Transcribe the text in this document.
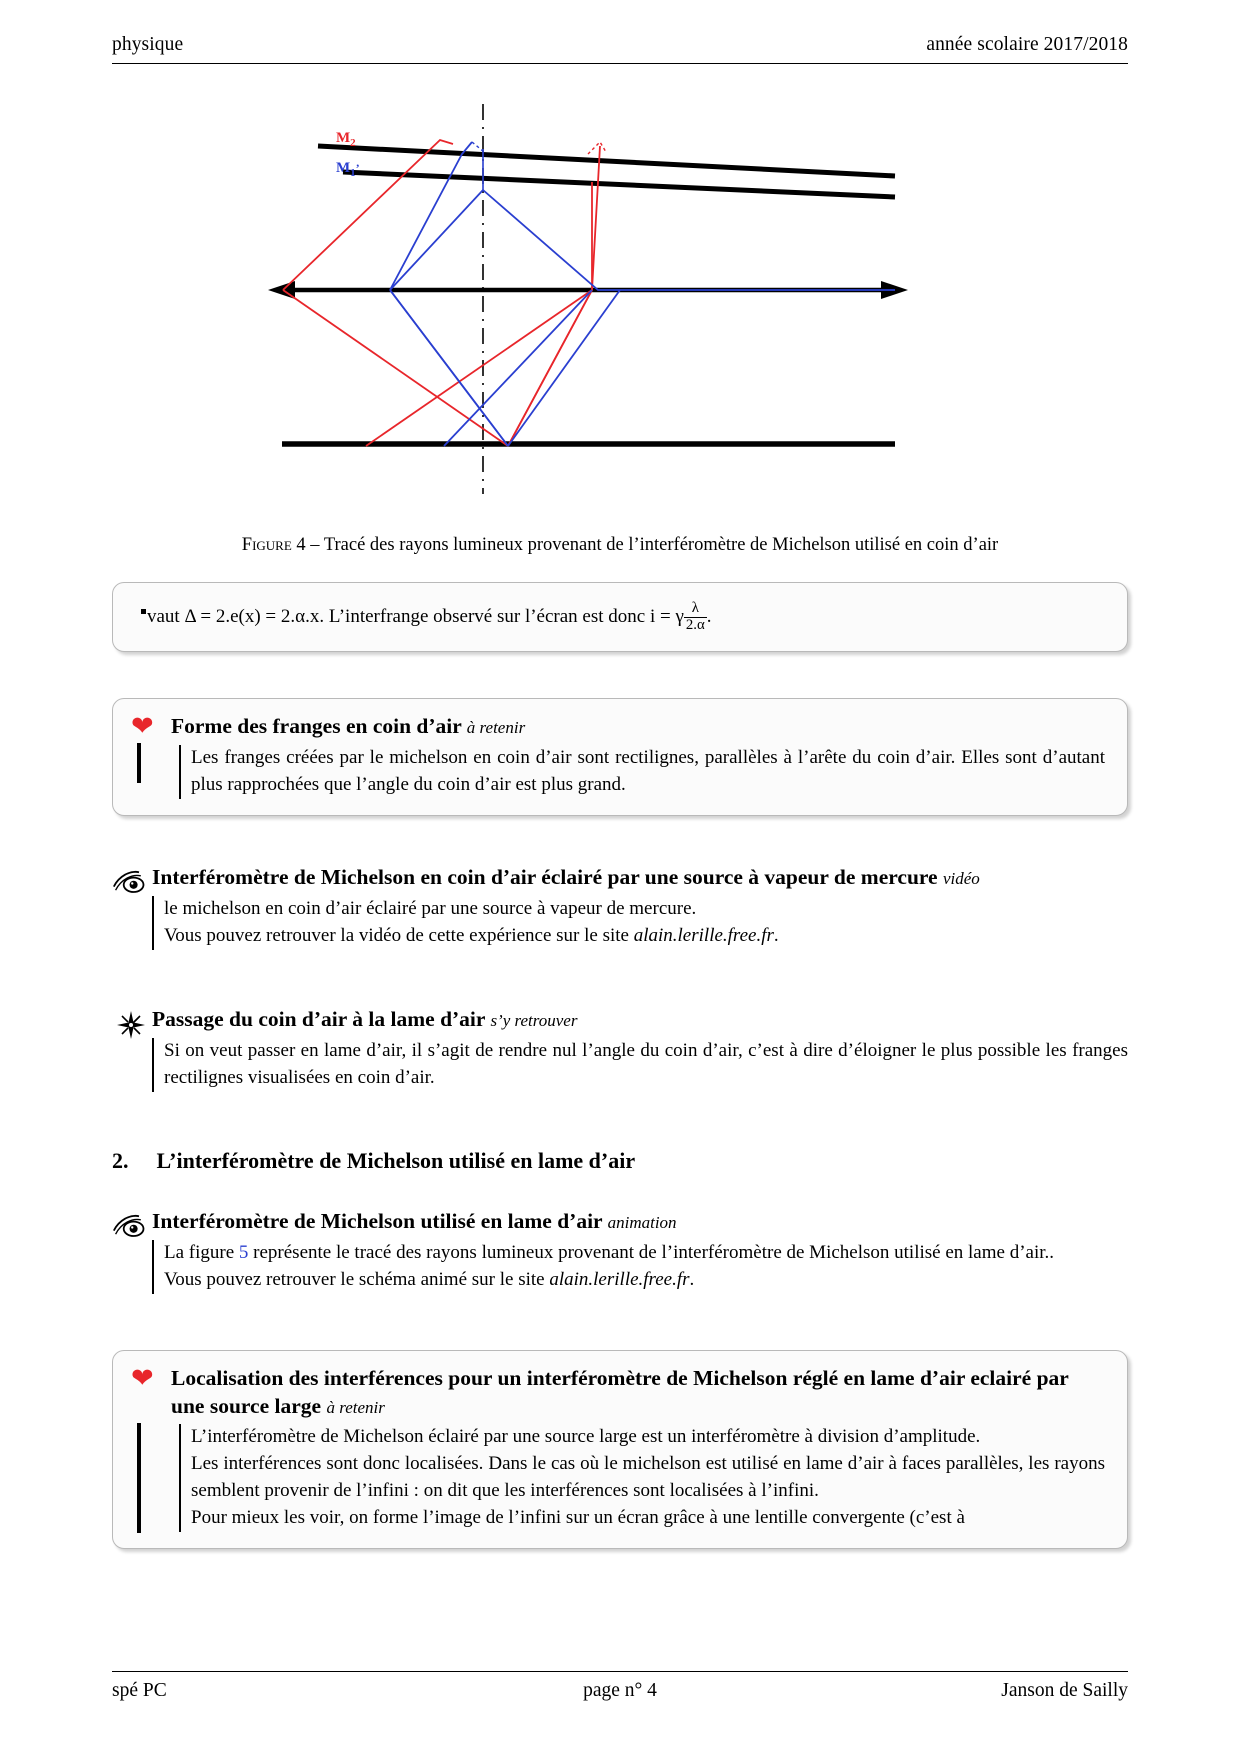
physique	année scolaire 2017/2018
$M_2$
$M_1^’$
Figure 4 – Tracé des rayons lumineux provenant de l’interféromètre de Michelson utilisé en coin d’air
vaut Δ = 2.e(x) = 2.α.x. L’interfrange observé sur l’écran est donc i = γ $\frac{\lambda}{2.\alpha}$ .
❤ Forme des franges en coin d’air à retenir

Les franges créées par le michelson en coin d’air sont rectilignes, parallèles à l’arête du coin d’air. Elles sont d’autant plus rapprochées que l’angle du coin d’air est plus grand.

Interféromètre de Michelson en coin d’air éclairé par une source à vapeur de mercure vidéo

le michelson en coin d’air éclairé par une source à vapeur de mercure.

Vous pouvez retrouver la vidéo de cette expérience sur le site alain.lerille.free.fr.

Passage du coin d’air à la lame d’air s’y retrouver

Si on veut passer en lame d’air, il s’agit de rendre nul l’angle du coin d’air, c’est à dire d’éloigner le plus possible les franges rectilignes visualisées en coin d’air.

2. L’interféromètre de Michelson utilisé en lame d’air
Interféromètre de Michelson utilisé en lame d’air animation

La figure 5 représente le tracé des rayons lumineux provenant de l’interféromètre de Michelson utilisé en lame d’air..

Vous pouvez retrouver le schéma animé sur le site alain.lerille.free.fr.

❤ Localisation des interférences pour un interféromètre de Michelson réglé en lame d’air eclairé par une source large à retenir

L’interféromètre de Michelson éclairé par une source large est un interféromètre à division d’amplitude.

Les interférences sont donc localisées. Dans le cas où le michelson est utilisé en lame d’air à faces parallèles, les rayons semblent provenir de l’infini : on dit que les interférences sont localisées à l’infini.

Pour mieux les voir, on forme l’image de l’infini sur un écran grâce à une lentille convergente (c’est à

spé PC	page n° 4	Janson de Sailly
